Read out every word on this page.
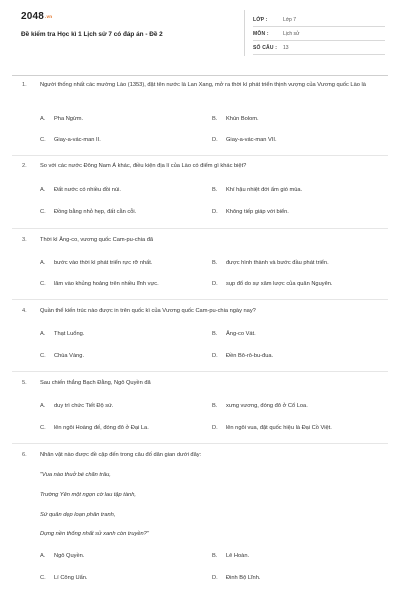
2048.vn
Đề kiểm tra Học kì 1 Lịch sử 7 có đáp án - Đề 2
LỚP :	Lớp 7
MÔN :	Lịch sử
SỐ CÂU : 13
1. Người thống nhất các mường Lào (1353), đặt tên nước là Lan Xang, mở ra thời kì phát triển thịnh vượng của Vương quốc Lào là
A. Pha Ngừm.	B. Khún Bolom.
C. Giay-a-vác-man II.	D. Giay-a-vác-man VII.
2. So với các nước Đông Nam Á khác, điều kiện địa lí của Lào có điểm gì khác biệt?
A. Đất nước có nhiều đồi núi.	B. Khí hậu nhiệt đới ẩm gió mùa.
C. Đồng bằng nhỏ hẹp, đất cằn cỗi.	D. Không tiếp giáp với biển.
3. Thời kì Ăng-co, vương quốc Cam-pu-chia đã
A. bước vào thời kì phát triển rực rỡ nhất.	B. được hình thành và bước đầu phát triển.
C. lâm vào khủng hoảng trên nhiều lĩnh vực.	D. sụp đổ do sự xâm lược của quân Nguyên.
4. Quần thể kiến trúc nào được in trên quốc kì của Vương quốc Cam-pu-chia ngày nay?
A. Thạt Luổng.	B. Ăng-co Vát.
C. Chùa Vàng.	D. Đền Bô-rô-bu-đua.
5. Sau chiến thắng Bạch Đằng, Ngô Quyền đã
A. duy trì chức Tiết Độ sứ.	B. xưng vương, đóng đô ở Cổ Loa.
C. lên ngôi Hoàng đế, đóng đô ở Đại La.	D. lên ngôi vua, đặt quốc hiệu là Đại Cồ Việt.
6. Nhân vật nào được đề cập đến trong câu đố dân gian dưới đây:
"Vua nào thuở bé chăn trâu,
Trường Yên một ngọn cờ lau tập tành,
Sứ quân dẹp loạn phân tranh,
Dựng nền thống nhất sử xanh còn truyền?"
A. Ngô Quyền.	B. Lê Hoàn.
C. Lí Công Uẩn.	D. Đinh Bộ Lĩnh.
